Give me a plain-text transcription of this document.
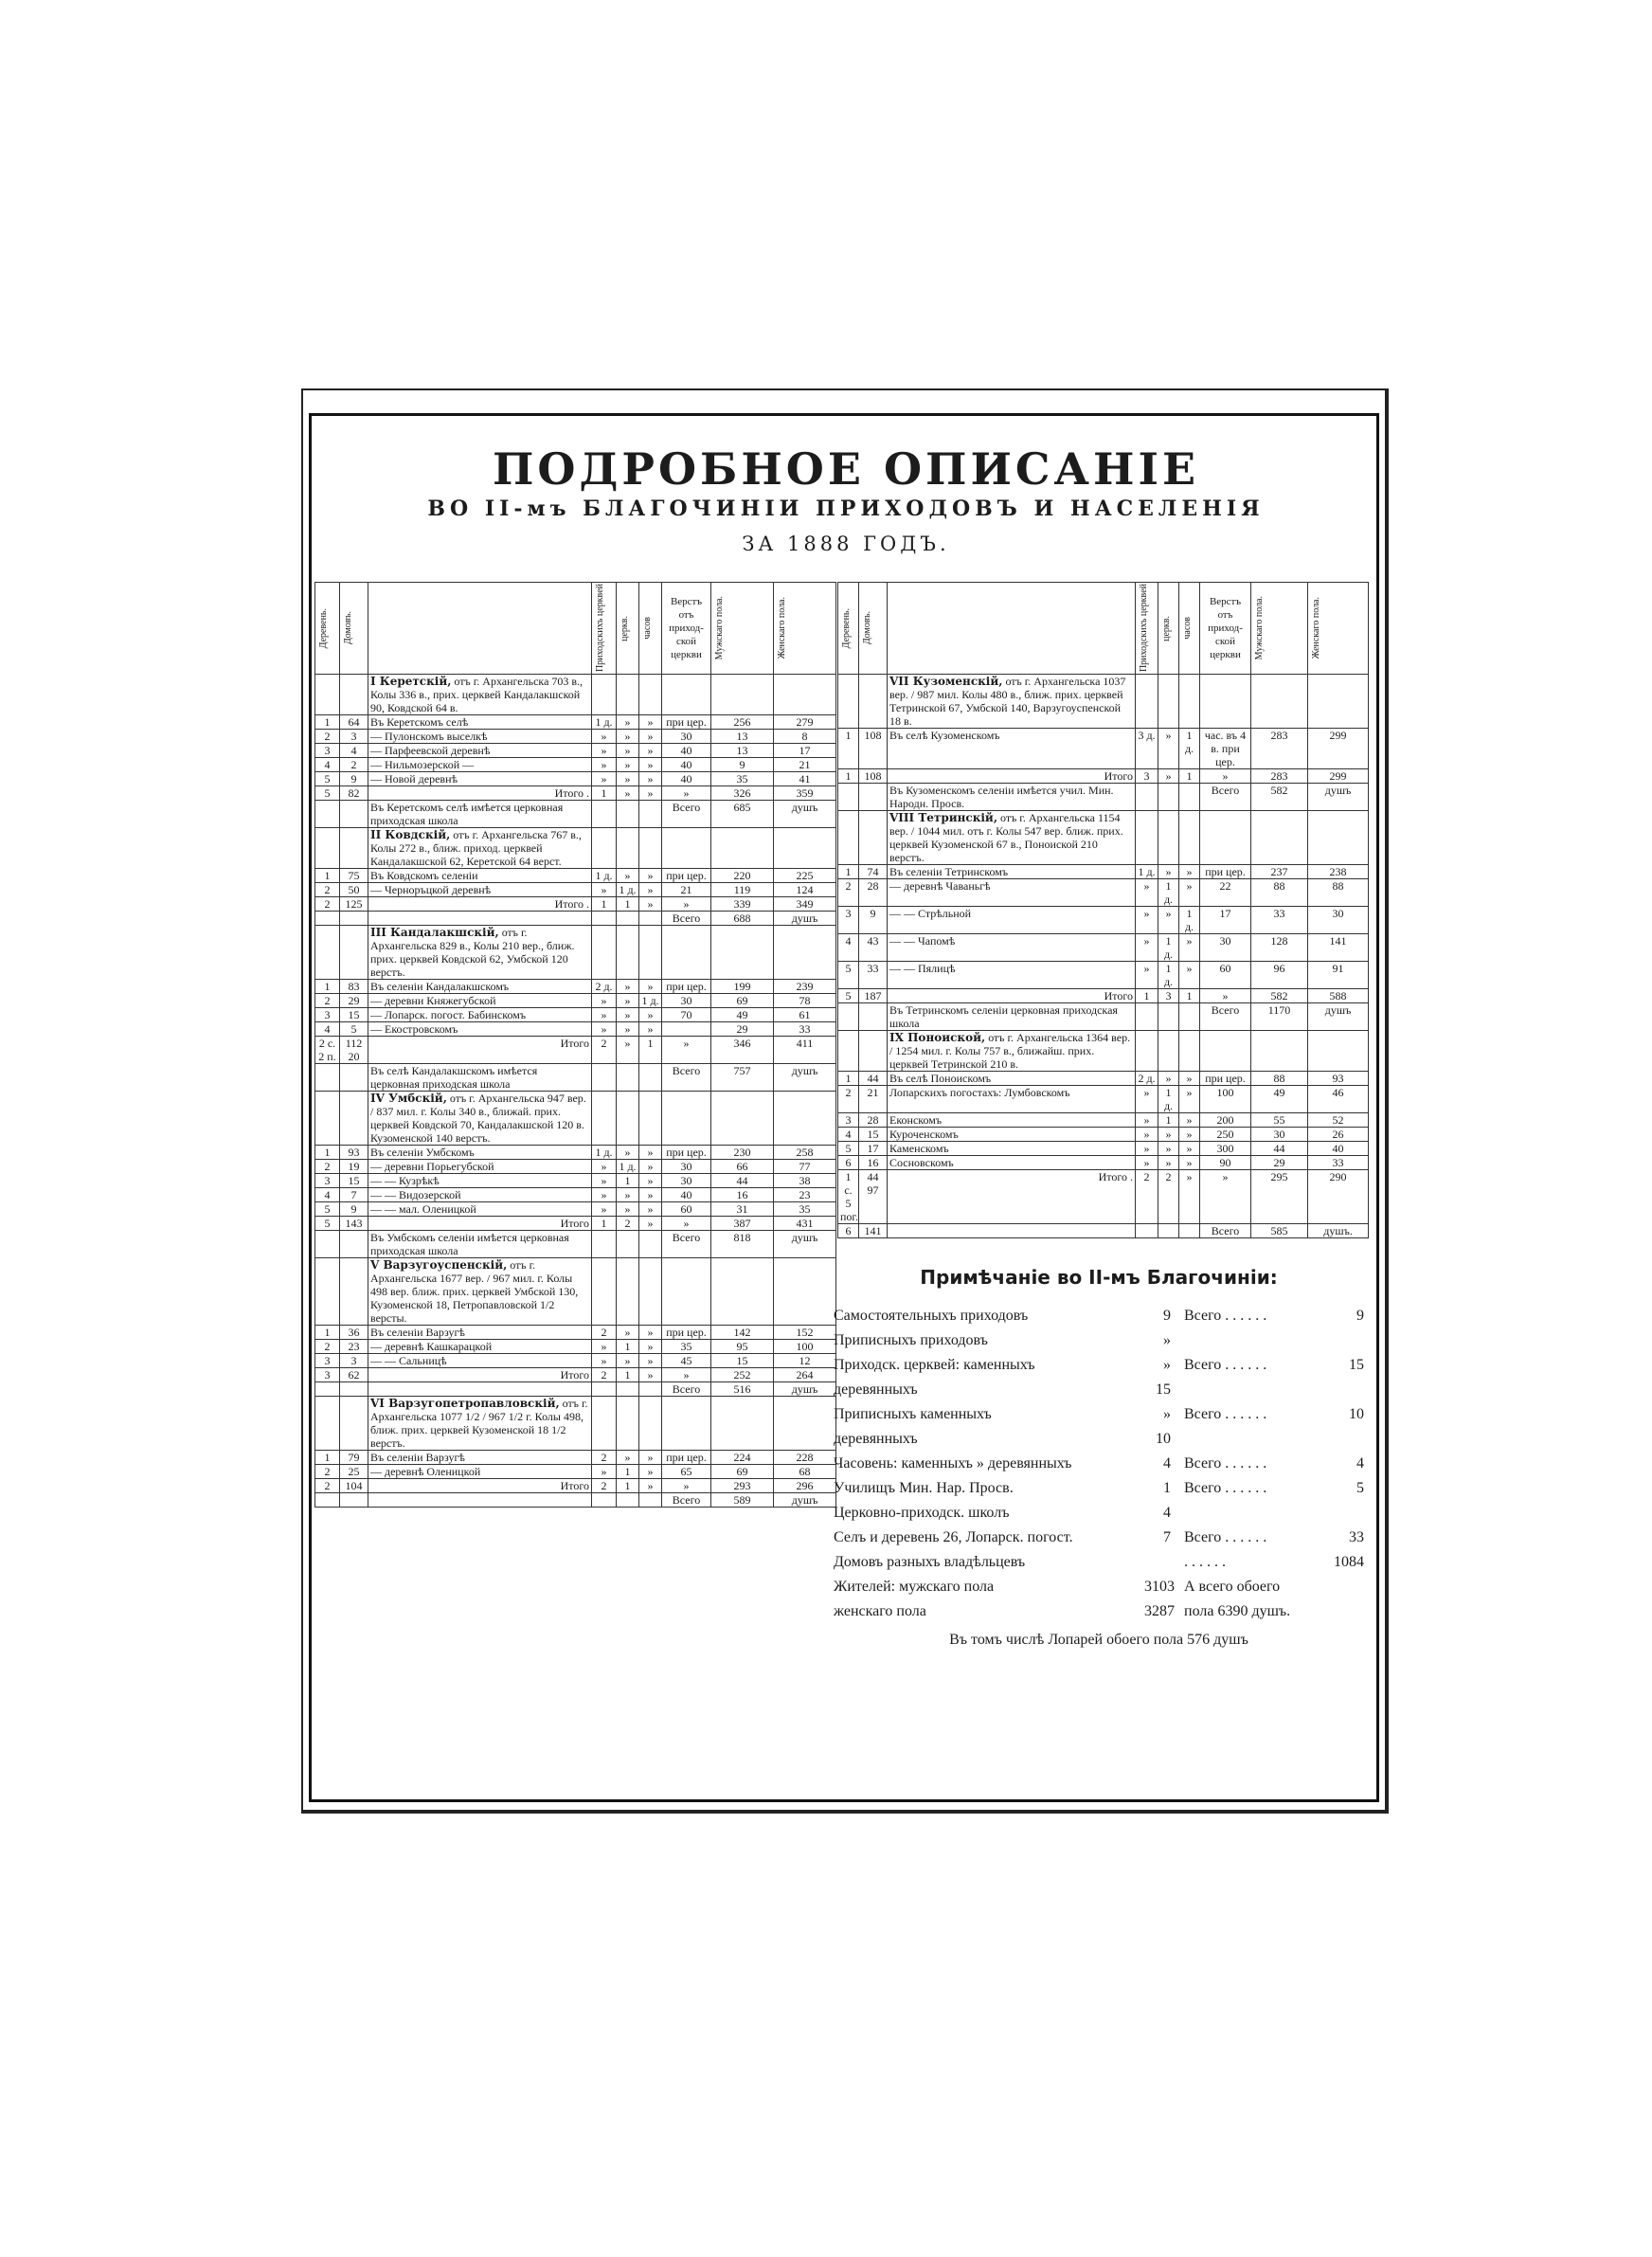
ПОДРОБНОЕ ОПИСАНІЕ
ВО II-мъ БЛАГОЧИНІИ ПРИХОДОВЪ И НАСЕЛЕНІЯ
ЗА 1888 ГОДЪ.
Деревень.	Домовъ.		Приходскихъ церквей	церкв.	часов	Верстъ отъ приход-ской церкви	Мужскаго пола.	Женскаго пола.

		I Керетскій, отъ г. Архангельска 703 в., Колы 336 в., прих. церквей Кандалакшской 90, Ковдской 64 в.						
1	64	Въ Керетскомъ селѣ	1 д.	»	»	при цер.	256	279
2	3	— Пулонскомъ выселкѣ	»	»	»	30	13	8
3	4	— Парфеевской деревнѣ	»	»	»	40	13	17
4	2	— Нильмозерской —	»	»	»	40	9	21
5	9	— Новой деревнѣ	»	»	»	40	35	41
5	82	Итого .	1	»	»	»	326	359
		Въ Керетскомъ селѣ имѣется церковная приходская школа				Всего	685	душъ
		II Ковдскій, отъ г. Архангельска 767 в., Колы 272 в., ближ. приход. церквей Кандалакшской 62, Керетской 64 верст.						
1	75	Въ Ковдскомъ селеніи	1 д.	»	»	при цер.	220	225
2	50	— Черноръцкой деревнѣ	»	1 д.	»	21	119	124
2	125	Итого .	1	1	»	»	339	349
						Всего	688	душъ
		III Кандалакшскій, отъ г. Архангельска 829 в., Колы 210 вер., ближ. прих. церквей Ковдской 62, Умбской 120 верстъ.						
1	83	Въ селеніи Кандалакшскомъ	2 д.	»	»	при цер.	199	239
2	29	— деревни Княжегубской	»	»	1 д.	30	69	78
3	15	— Лопарск. погост. Бабинскомъ	»	»	»	70	49	61
4	5	— Екостровскомъ	»	»	»		29	33
2 с. 2 п.	112 20	Итого	2	»	1	»	346	411
		Въ селѣ Кандалакшскомъ имѣется церковная приходская школа				Всего	757	душъ
		IV Умбскій, отъ г. Архангельска 947 вер. / 837 мил. г. Колы 340 в., ближай. прих. церквей Ковдской 70, Кандалакшской 120 в. Кузоменской 140 верстъ.						
1	93	Въ селеніи Умбскомъ	1 д.	»	»	при цер.	230	258
2	19	— деревни Порьегубской	»	1 д.	»	30	66	77
3	15	— — Кузрѣкѣ	»	1	»	30	44	38
4	7	— — Видозерской	»	»	»	40	16	23
5	9	— — мал. Оленицкой	»	»	»	60	31	35
5	143	Итого	1	2	»	»	387	431
		Въ Умбскомъ селеніи имѣется церковная приходская школа				Всего	818	душъ
		V Варзугоуспенскій, отъ г. Архангельска 1677 вер. / 967 мил. г. Колы 498 вер. ближ. прих. церквей Умбской 130, Кузоменской 18, Петропавловской 1/2 версты.						
1	36	Въ селеніи Варзугѣ	2	»	»	при цер.	142	152
2	23	— деревнѣ Кашкарацкой	»	1	»	35	95	100
3	3	— — Сальницѣ	»	»	»	45	15	12
3	62	Итого	2	1	»	»	252	264
						Всего	516	душъ
		VI Варзугопетропавловскій, отъ г. Архангельска 1077 1/2 / 967 1/2 г. Колы 498, ближ. прих. церквей Кузоменской 18 1/2 верстъ.						
1	79	Въ селеніи Варзугѣ	2	»	»	при цер.	224	228
2	25	— деревнѣ Оленицкой	»	1	»	65	69	68
2	104	Итого	2	1	»	»	293	296
						Всего	589	душъ
Деревень.	Домовъ.		Приходскихъ церквей	церкв.	часов	Верстъ отъ приход-ской церкви	Мужскаго пола.	Женскаго пола.

		VII Кузоменскій, отъ г. Архангельска 1037 вер. / 987 мил. Колы 480 в., ближ. прих. церквей Тетринской 67, Умбской 140, Варзугоуспенской 18 в.						
1	108	Въ селѣ Кузоменскомъ	3 д.	»	1 д.	час. въ 4 в. при цер.	283	299
1	108	Итого	3	»	1	»	283	299
		Въ Кузоменскомъ селеніи имѣется учил. Мин. Народн. Просв.				Всего	582	душъ
		VIII Тетринскій, отъ г. Архангельска 1154 вер. / 1044 мил. отъ г. Колы 547 вер. ближ. прих. церквей Кузоменской 67 в., Поноиской 210 верстъ.						
1	74	Въ селеніи Тетринскомъ	1 д.	»	»	при цер.	237	238
2	28	— деревнѣ Чаваньгѣ	»	1 д.	»	22	88	88
3	9	— — Стрѣльной	»	»	1 д.	17	33	30
4	43	— — Чапомѣ	»	1 д.	»	30	128	141
5	33	— — Пялицѣ	»	1 д.	»	60	96	91
5	187	Итого	1	3	1	»	582	588
		Въ Тетринскомъ селеніи церковная приходская школа				Всего	1170	душъ
		IX Поноиской, отъ г. Архангельска 1364 вер. / 1254 мил. г. Колы 757 в., ближайш. прих. церквей Тетринской 210 в.						
1	44	Въ селѣ Поноискомъ	2 д.	»	»	при цер.	88	93
2	21	Лопарскихъ погостахъ: Лумбовскомъ	»	1 д.	»	100	49	46
3	28	Еконскомъ	»	1	»	200	55	52
4	15	Куроченскомъ	»	»	»	250	30	26
5	17	Каменскомъ	»	»	»	300	44	40
6	16	Сосновскомъ	»	»	»	90	29	33
1 с. 5 пог.	44 97	Итого .	2	2	»	»	295	290
6	141					Всего	585	душъ.
Примѣчаніе во II-мъ Благочиніи:
Самостоятельныхъ приходовъ	9 Всего . . . . . .	9
Приписныхъ приходовъ	»
Приходск. церквей: каменныхъ	» Всего . . . . . .	15
деревянныхъ	15
Приписныхъ каменныхъ	» Всего . . . . . .	10
деревянныхъ	10
Часовень: каменныхъ » деревянныхъ	4 Всего . . . . . .	4
Училищъ Мин. Нар. Просв.	1 Всего . . . . . .	5
Церковно-приходск. школъ	4
Селъ и деревень 26, Лопарск. погост.	7 Всего . . . . . .	33
Домовъ разныхъ владѣльцевъ	. . . . . .	1084
Жителей: мужскаго пола	3103 А всего обоего
женскаго пола	3287 пола 6390 душъ.
Въ томъ числѣ Лопарей обоего пола 576 душъ
